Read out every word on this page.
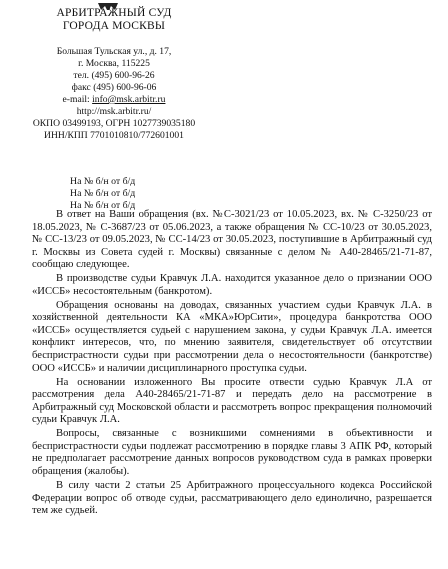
АРБИТРАЖНЫЙ СУД
ГОРОДА МОСКВЫ
Большая Тульская ул., д. 17,
г. Москва, 115225
тел. (495) 600-96-26
факс (495) 600-96-06
e-mail: info@msk.arbitr.ru
http://msk.arbitr.ru/
ОКПО 03499193, ОГРН 1027739035180
ИНН/КПП 7701010810/772601001
На № б/н от б/д
На № б/н от б/д
На № б/н от б/д

В ответ на Ваши обращения (вх. №С-3021/23 от 10.05.2023, вх. № С-3250/23 от 18.05.2023, № С-3687/23 от 05.06.2023, а также обращения № СС-10/23 от 30.05.2023, № СС-13/23 от 09.05.2023, № СС-14/23 от 30.05.2023, поступившие в Арбитражный суд г. Москвы из Совета судей г. Москвы) связанные с делом № А40-28465/21-71-87, сообщаю следующее.

В производстве судьи Кравчук Л.А. находится указанное дело о признании ООО «ИССБ» несостоятельным (банкротом).

Обращения основаны на доводах, связанных участием судьи Кравчук Л.А. в хозяйственной деятельности КА «МКА»ЮрСити», процедура банкротства ООО «ИССБ» осуществляется судьей с нарушением закона, у судьи Кравчук Л.А. имеется конфликт интересов, что, по мнению заявителя, свидетельствует об отсутствии беспристрастности судьи при рассмотрении дела о несостоятельности (банкротстве) ООО «ИССБ» и наличии дисциплинарного проступка судьи.

На основании изложенного Вы просите отвести судью Кравчук Л.А от рассмотрения дела А40-28465/21-71-87 и передать дело на рассмотрение в Арбитражный суд Московской области и рассмотреть вопрос прекращения полномочий судьи Кравчук Л.А.

Вопросы, связанные с возникшими сомнениями в объективности и беспристрастности судьи подлежат рассмотрению в порядке главы 3 АПК РФ, который не предполагает рассмотрение данных вопросов руководством суда в рамках проверки обращения (жалобы).

В силу части 2 статьи 25 Арбитражного процессуального кодекса Российской Федерации вопрос об отводе судьи, рассматривающего дело единолично, разрешается тем же судьей.
